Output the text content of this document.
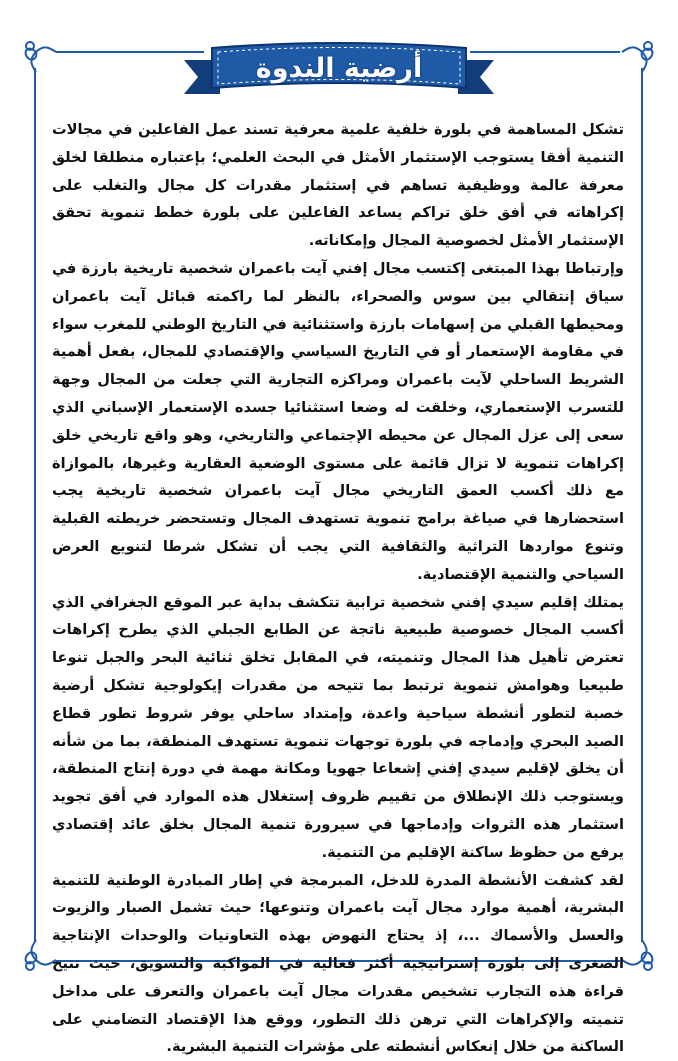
أرضية الندوة

تشكل المساهمة في بلورة خلفية علمية معرفية تسند عمل الفاعلين في مجالات التنمية أفقا يستوجب الإستثمار الأمثل في البحث العلمي؛ بإعتباره منطلقا لخلق معرفة عالمة ووظيفية تساهم في إستثمار مقدرات كل مجال والتغلب على إكراهاته في أفق خلق تراكم يساعد الفاعلين على بلورة خطط تنموية تحقق الإستثمار الأمثل لخصوصية المجال وإمكاناته.

وإرتباطا بهذا المبتغى إكتسب مجال إفني آيت باعمران شخصية تاريخية بارزة في سياق إنتقالي بين سوس والصحراء، بالنظر لما راكمته قبائل آيت باعمران ومحيطها القبلي من إسهامات بارزة واستثنائية في التاريخ الوطني للمغرب سواء في مقاومة الإستعمار أو في التاريخ السياسي والإقتصادي للمجال، بفعل أهمية الشريط الساحلي لآيت باعمران ومراكزه التجارية التي جعلت من المجال وجهة للتسرب الإستعماري، وخلقت له وضعا استثنائيا جسده الإستعمار الإسباني الذي سعى إلى عزل المجال عن محيطه الإجتماعي والتاريخي، وهو واقع تاريخي خلق إكراهات تنموية لا تزال قائمة على مستوى الوضعية العقارية وغيرها، بالموازاة مع ذلك أكسب العمق التاريخي مجال آيت باعمران شخصية تاريخية يجب استحضارها في صياغة برامج تنموية تستهدف المجال وتستحضر خريطته القبلية وتنوع مواردها التراثية والثقافية التي يجب أن تشكل شرطا لتنويع العرض السياحي والتنمية الإقتصادية.

يمتلك إقليم سيدي إفني شخصية ترابية تتكشف بداية عبر الموقع الجغرافي الذي أكسب المجال خصوصية طبيعية ناتجة عن الطابع الجبلي الذي يطرح إكراهات تعترض تأهيل هذا المجال وتنميته، في المقابل تخلق ثنائية البحر والجبل تنوعا طبيعيا وهوامش تنموية ترتبط بما تتيحه من مقدرات إيكولوجية تشكل أرضية خصبة لتطور أنشطة سياحية واعدة، وإمتداد ساحلي يوفر شروط تطور قطاع الصيد البحري وإدماجه في بلورة توجهات تنموية تستهدف المنطقة، بما من شأنه أن يخلق لإقليم سيدي إفني إشعاعا جهويا ومكانة مهمة في دورة إنتاج المنطقة، ويستوجب ذلك الإنطلاق من تقييم ظروف إستغلال هذه الموارد في أفق تجويد استثمار هذه الثروات وإدماجها في سيرورة تنمية المجال بخلق عائد إقتصادي يرفع من حظوظ ساكنة الإقليم من التنمية.

لقد كشفت الأنشطة المدرة للدخل، المبرمجة في إطار المبادرة الوطنية للتنمية البشرية، أهمية موارد مجال آيت باعمران وتنوعها؛ حيث تشمل الصبار والزيوت والعسل والأسماك ...، إذ يحتاج النهوض بهذه التعاونيات والوحدات الإنتاجية الصغرى إلى بلورة إستراتيجية أكثر فعالية في المواكبة والتسويق، حيث تتيح قراءة هذه التجارب تشخيص مقدرات مجال آيت باعمران والتعرف على مداخل تنميته والإكراهات التي ترهن ذلك التطور، ووقع هذا الإقتصاد التضامني على الساكنة من خلال إنعكاس أنشطته على مؤشرات التنمية البشرية.
